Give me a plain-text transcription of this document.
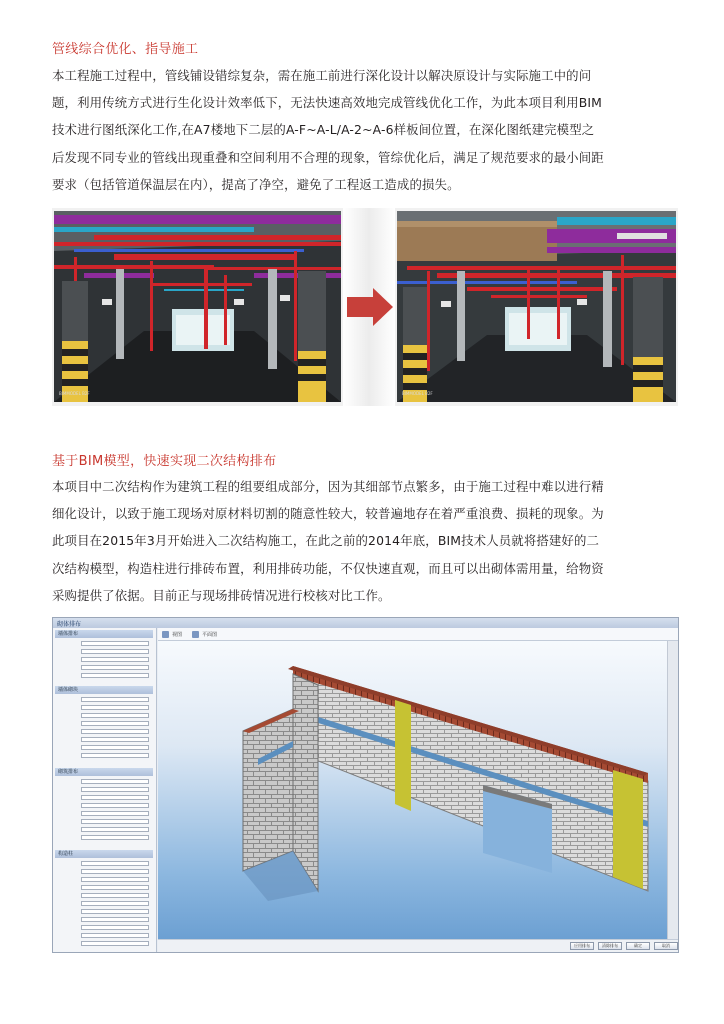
管线综合优化、指导施工
本工程施工过程中，管线铺设错综复杂，需在施工前进行深化设计以解决原设计与实际施工中的问
题，利用传统方式进行生化设计效率低下，无法快速高效地完成管线优化工作，为此本项目利用BIM
技术进行图纸深化工作,在A7楼地下二层的A-F~A-L/A-2~A-6样板间位置，在深化图纸建完模型之
后发现不同专业的管线出现重叠和空间利用不合理的现象，管综优化后，满足了规范要求的最小间距
要求（包括管道保温层在内），提高了净空，避免了工程返工造成的损失。
BIMMODEL B2F	BIMMODEL B2F
基于BIM模型，快速实现二次结构排布
本项目中二次结构作为建筑工程的组要组成部分，因为其细部节点繁多，由于施工过程中难以进行精
细化设计，以致于施工现场对原材料切割的随意性较大，较普遍地存在着严重浪费、损耗的现象。为
此项目在2015年3月开始进入二次结构施工，在此之前的2014年底，BIM技术人员就将搭建好的二
次结构模型，构造柱进行排砖布置，利用排砖功能，不仅快速直观，而且可以出砌体需用量，给物资
采购提供了依据。目前正与现场排砖情况进行校核对比工作。
砌体排布
墙体排布
墙体砌块
砌筑排布
构造柱
视图	平面图
应用排布	清除排布	确定	取消
